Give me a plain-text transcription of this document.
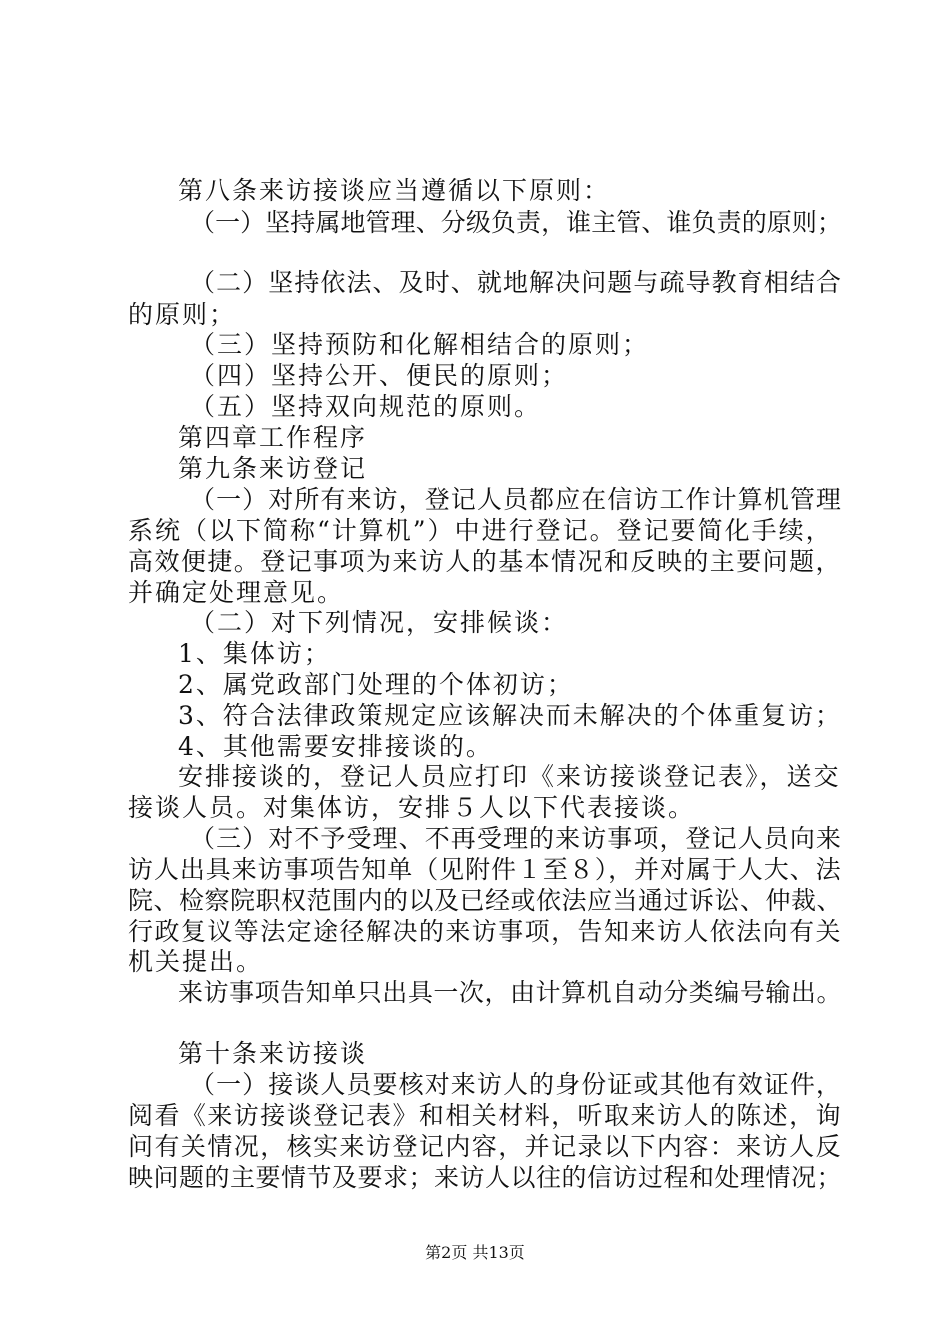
第八条来访接谈应当遵循以下原则：
（一）坚持属地管理、分级负责，谁主管、谁负责的原则；
（二）坚持依法、及时、就地解决问题与疏导教育相结合
的原则；
（三）坚持预防和化解相结合的原则；
（四）坚持公开、便民的原则；
（五）坚持双向规范的原则。
第四章工作程序
第九条来访登记
（一）对所有来访，登记人员都应在信访工作计算机管理
系统（以下简称“计算机”）中进行登记。登记要简化手续，
高效便捷。登记事项为来访人的基本情况和反映的主要问题，
并确定处理意见。
（二）对下列情况，安排候谈：
1、集体访；
2、属党政部门处理的个体初访；
3、符合法律政策规定应该解决而未解决的个体重复访；
4、其他需要安排接谈的。
安排接谈的，登记人员应打印《来访接谈登记表》，送交
接谈人员。对集体访，安排５人以下代表接谈。
（三）对不予受理、不再受理的来访事项，登记人员向来
访人出具来访事项告知单（见附件１至８），并对属于人大、法
院、检察院职权范围内的以及已经或依法应当通过诉讼、仲裁、
行政复议等法定途径解决的来访事项，告知来访人依法向有关
机关提出。
来访事项告知单只出具一次，由计算机自动分类编号输出。
第十条来访接谈
（一）接谈人员要核对来访人的身份证或其他有效证件，
阅看《来访接谈登记表》和相关材料，听取来访人的陈述，询
问有关情况，核实来访登记内容，并记录以下内容：来访人反
映问题的主要情节及要求；来访人以往的信访过程和处理情况；
第2页 共13页
